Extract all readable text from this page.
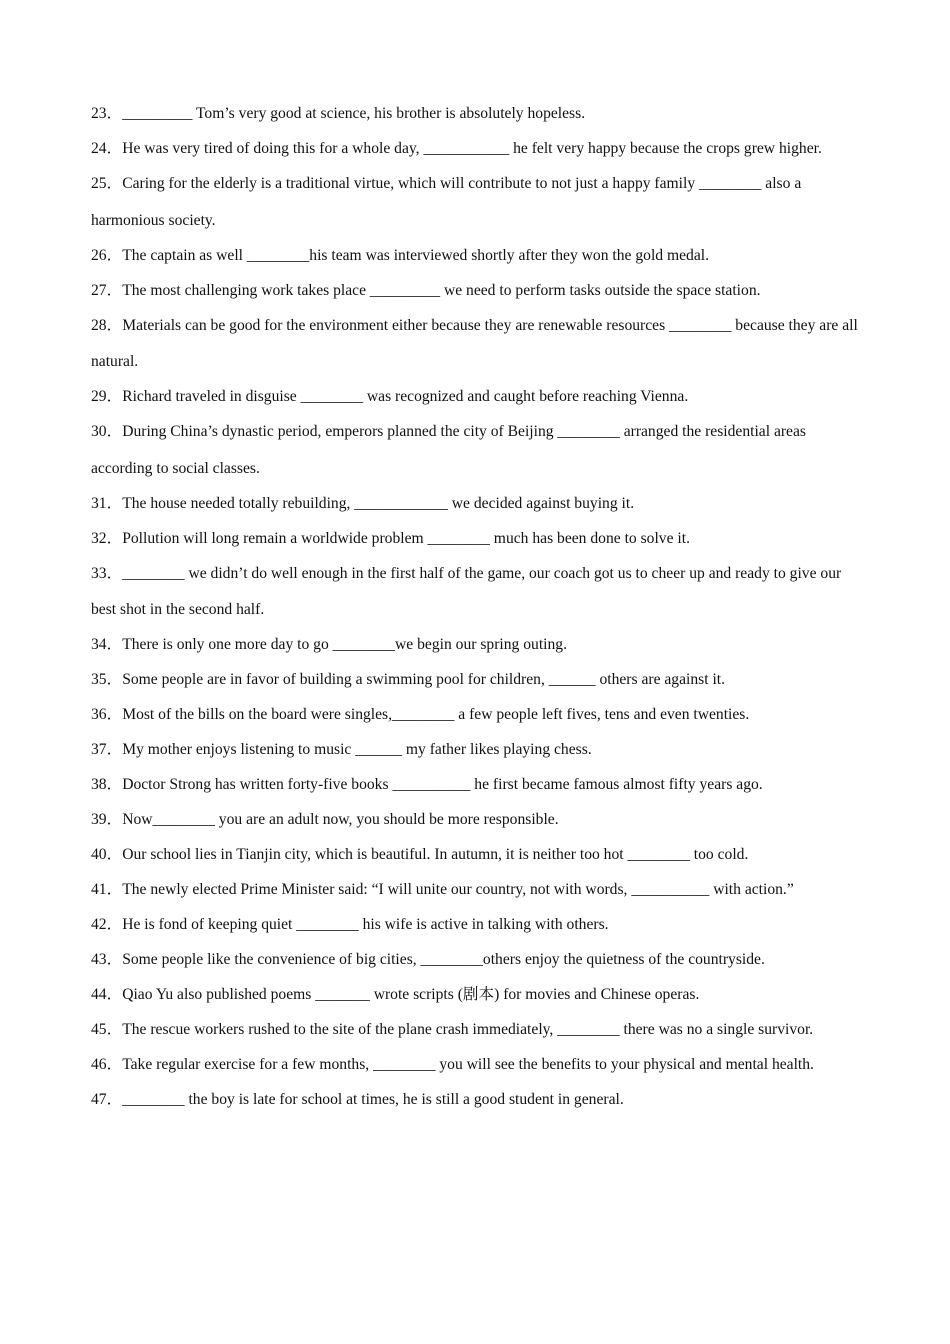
23．_________ Tom’s very good at science, his brother is absolutely hopeless.

24．He was very tired of doing this for a whole day, ___________ he felt very happy because the crops grew higher.

25．Caring for the elderly is a traditional virtue, which will contribute to not just a happy family ________ also a harmonious society.

26．The captain as well ________his team was interviewed shortly after they won the gold medal.

27．The most challenging work takes place _________ we need to perform tasks outside the space station.

28．Materials can be good for the environment either because they are renewable resources ________ because they are all natural.

29．Richard traveled in disguise ________ was recognized and caught before reaching Vienna.

30．During China’s dynastic period, emperors planned the city of Beijing ________ arranged the residential areas according to social classes.

31．The house needed totally rebuilding, ____________ we decided against buying it.

32．Pollution will long remain a worldwide problem ________ much has been done to solve it.

33．________ we didn’t do well enough in the first half of the game, our coach got us to cheer up and ready to give our best shot in the second half.

34．There is only one more day to go ________we begin our spring outing.

35．Some people are in favor of building a swimming pool for children, ______ others are against it.

36．Most of the bills on the board were singles,________ a few people left fives, tens and even twenties.

37．My mother enjoys listening to music ______ my father likes playing chess.

38．Doctor Strong has written forty-five books __________ he first became famous almost fifty years ago.

39．Now________ you are an adult now, you should be more responsible.

40．Our school lies in Tianjin city, which is beautiful. In autumn, it is neither too hot ________ too cold.

41．The newly elected Prime Minister said: “I will unite our country, not with words, __________ with action.”

42．He is fond of keeping quiet ________ his wife is active in talking with others.

43．Some people like the convenience of big cities, ________others enjoy the quietness of the countryside.

44．Qiao Yu also published poems _______ wrote scripts (剧本) for movies and Chinese operas.

45．The rescue workers rushed to the site of the plane crash immediately, ________ there was no a single survivor.

46．Take regular exercise for a few months, ________ you will see the benefits to your physical and mental health.

47．________ the boy is late for school at times, he is still a good student in general.
